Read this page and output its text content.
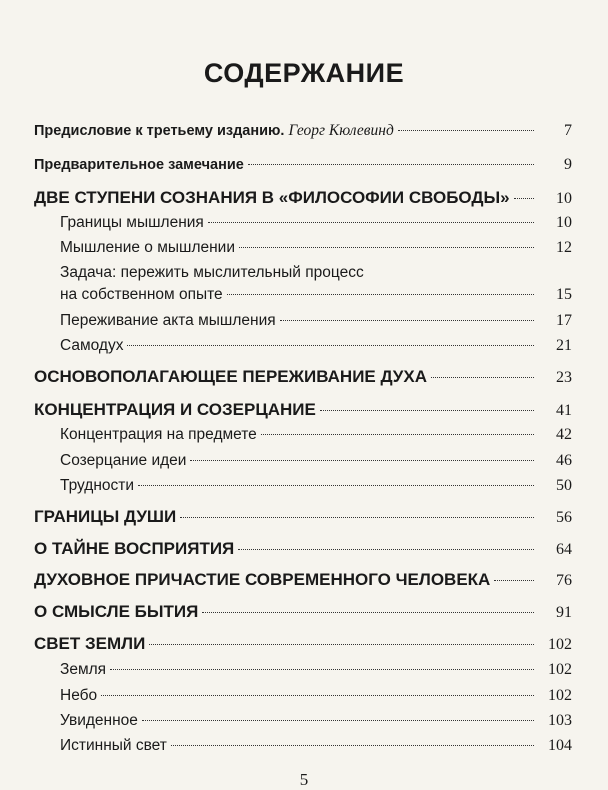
СОДЕРЖАНИЕ
Предисловие к третьему изданию. Георг Кюлевинд	7
Предварительное замечание	9
ДВЕ СТУПЕНИ СОЗНАНИЯ В «ФИЛОСОФИИ СВОБОДЫ»	10
Границы мышления	10
Мышление о мышлении	12
Задача: пережить мыслительный процесс
на собственном опыте	15
Переживание акта мышления	17
Самодух	21
ОСНОВОПОЛАГАЮЩЕЕ ПЕРЕЖИВАНИЕ ДУХА	23
КОНЦЕНТРАЦИЯ И СОЗЕРЦАНИЕ	41
Концентрация на предмете	42
Созерцание идеи	46
Трудности	50
ГРАНИЦЫ ДУШИ	56
О ТАЙНЕ ВОСПРИЯТИЯ	64
ДУХОВНОЕ ПРИЧАСТИЕ СОВРЕМЕННОГО ЧЕЛОВЕКА	76
О СМЫСЛЕ БЫТИЯ	91
СВЕТ ЗЕМЛИ	102
Земля	102
Небо	102
Увиденное	103
Истинный свет	104
5
